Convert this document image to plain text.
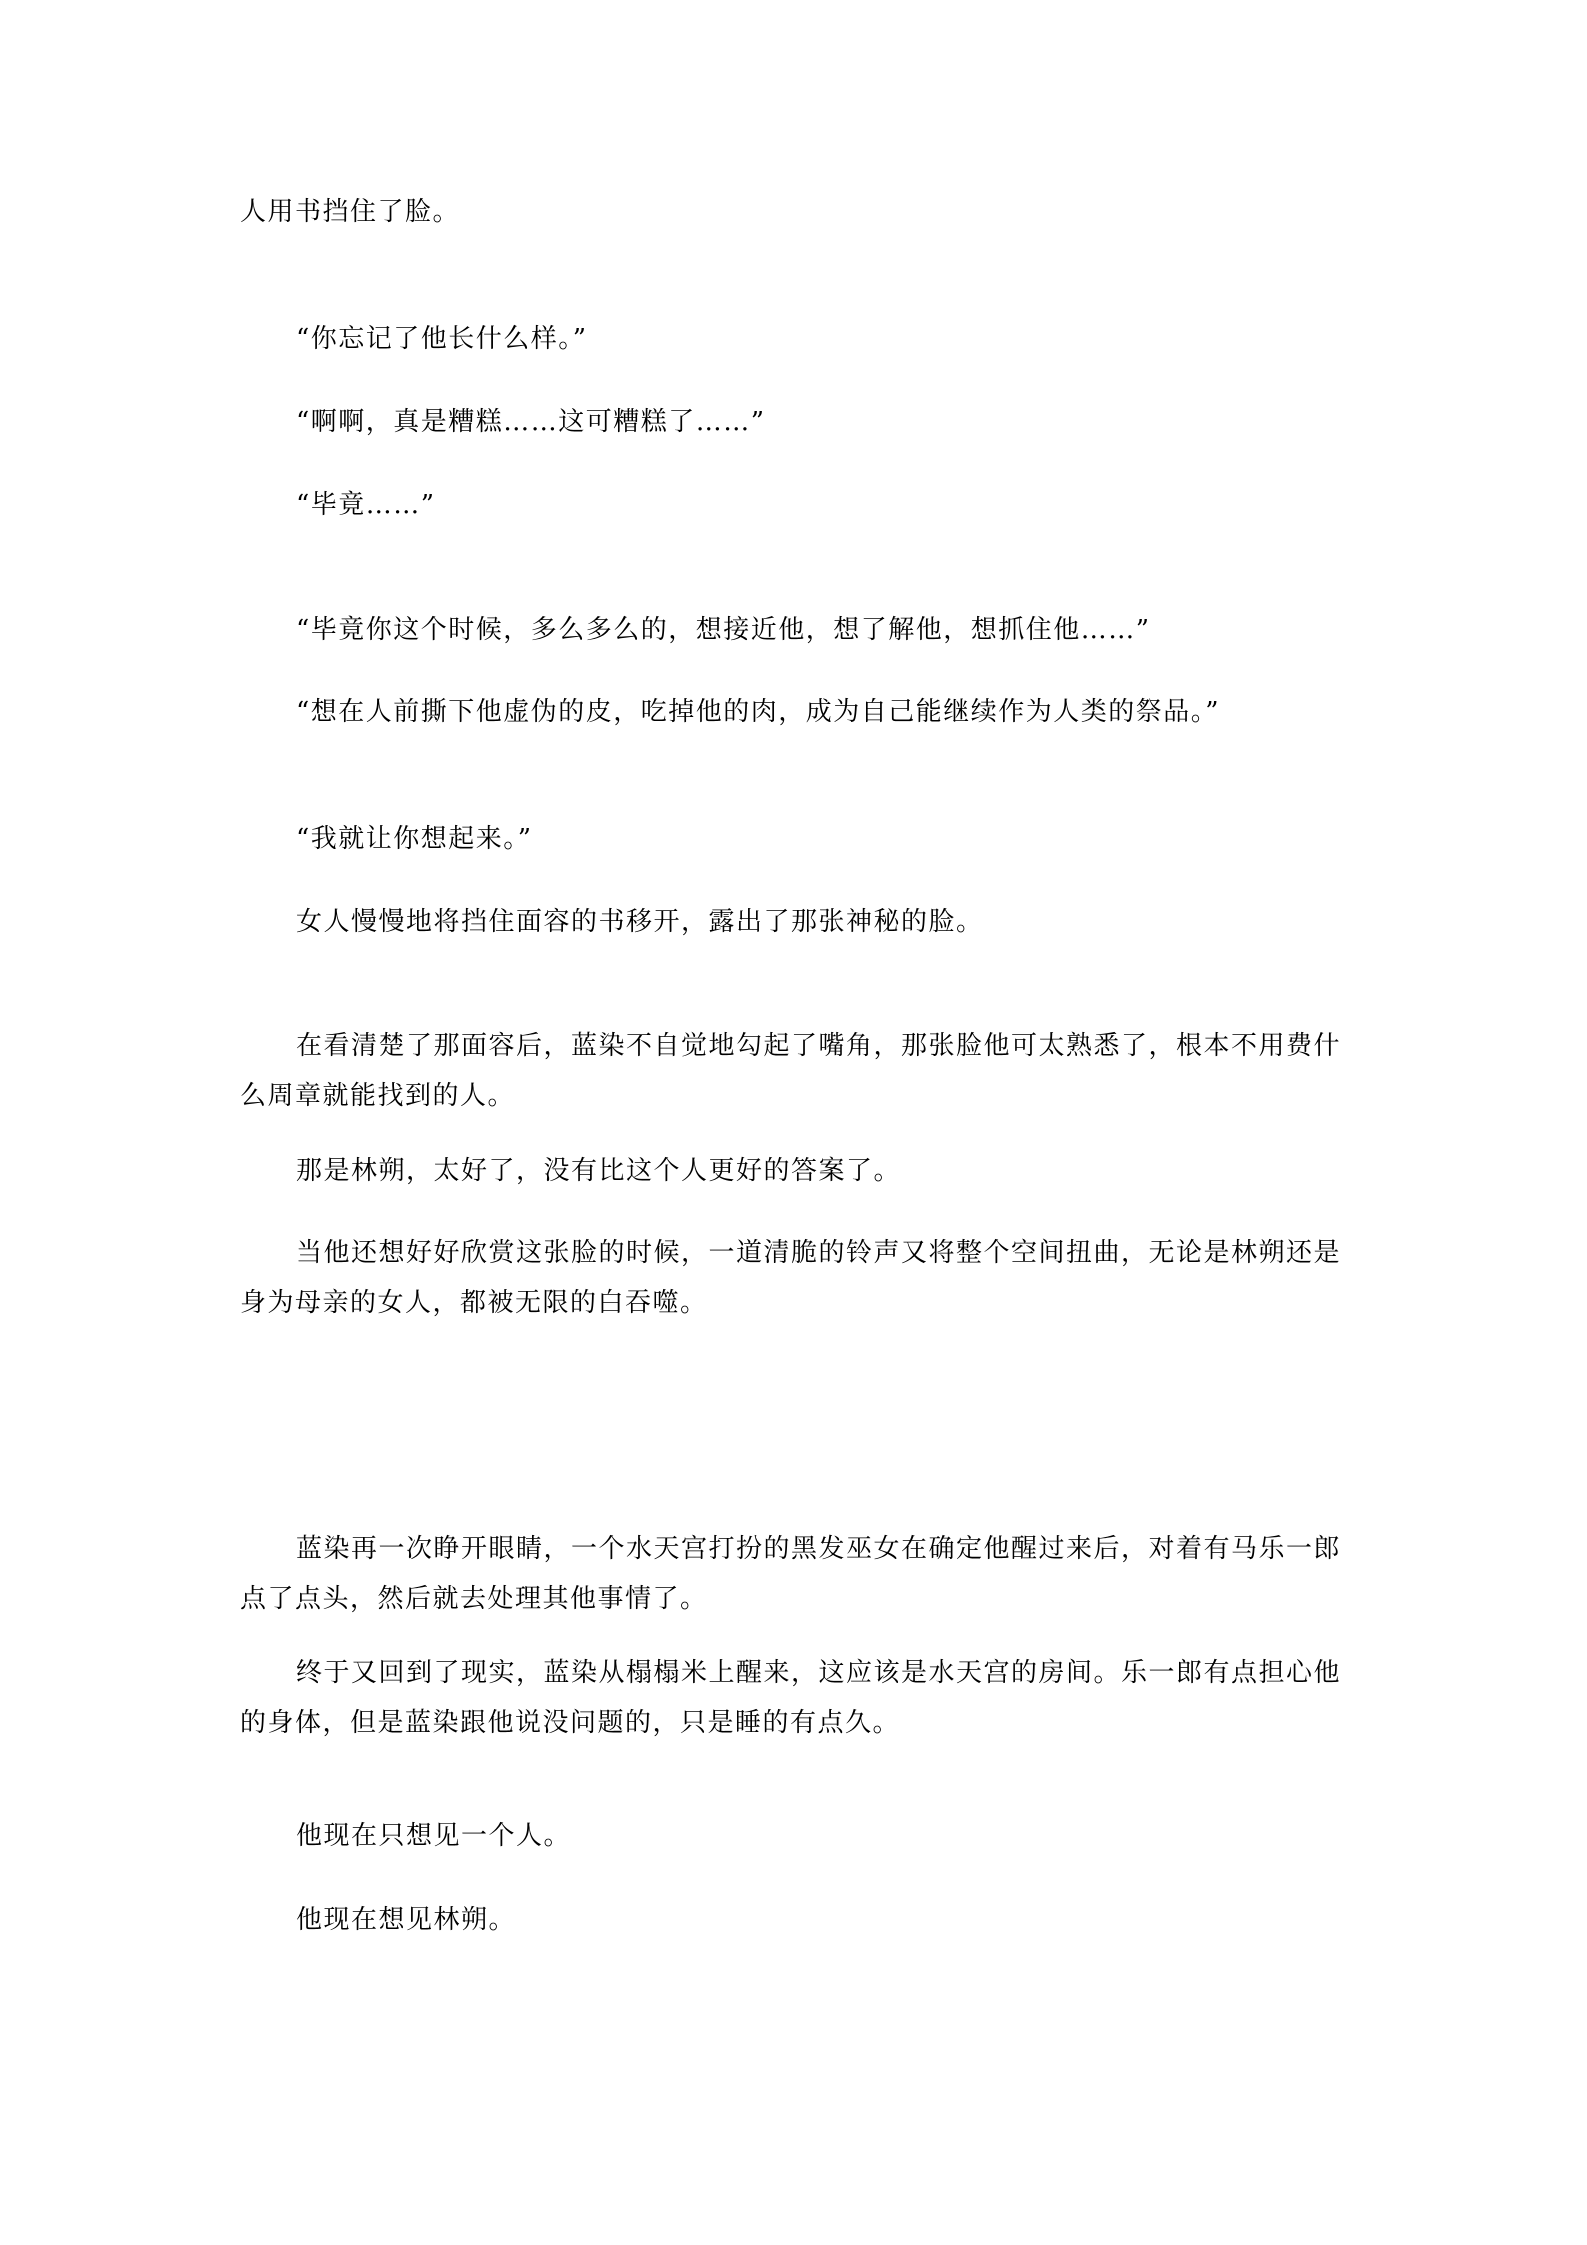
人用书挡住了脸。

“你忘记了他长什么样。”

“啊啊，真是糟糕……这可糟糕了……”

“毕竟……”

“毕竟你这个时候，多么多么的，想接近他，想了解他，想抓住他……”

“想在人前撕下他虚伪的皮，吃掉他的肉，成为自己能继续作为人类的祭品。”

“我就让你想起来。”

女人慢慢地将挡住面容的书移开，露出了那张神秘的脸。

在看清楚了那面容后，蓝染不自觉地勾起了嘴角，那张脸他可太熟悉了，根本不用费什么周章就能找到的人。

那是林朔，太好了，没有比这个人更好的答案了。

当他还想好好欣赏这张脸的时候，一道清脆的铃声又将整个空间扭曲，无论是林朔还是身为母亲的女人，都被无限的白吞噬。

蓝染再一次睁开眼睛，一个水天宫打扮的黑发巫女在确定他醒过来后，对着有马乐一郎点了点头，然后就去处理其他事情了。

终于又回到了现实，蓝染从榻榻米上醒来，这应该是水天宫的房间。乐一郎有点担心他的身体，但是蓝染跟他说没问题的，只是睡的有点久。

他现在只想见一个人。

他现在想见林朔。
